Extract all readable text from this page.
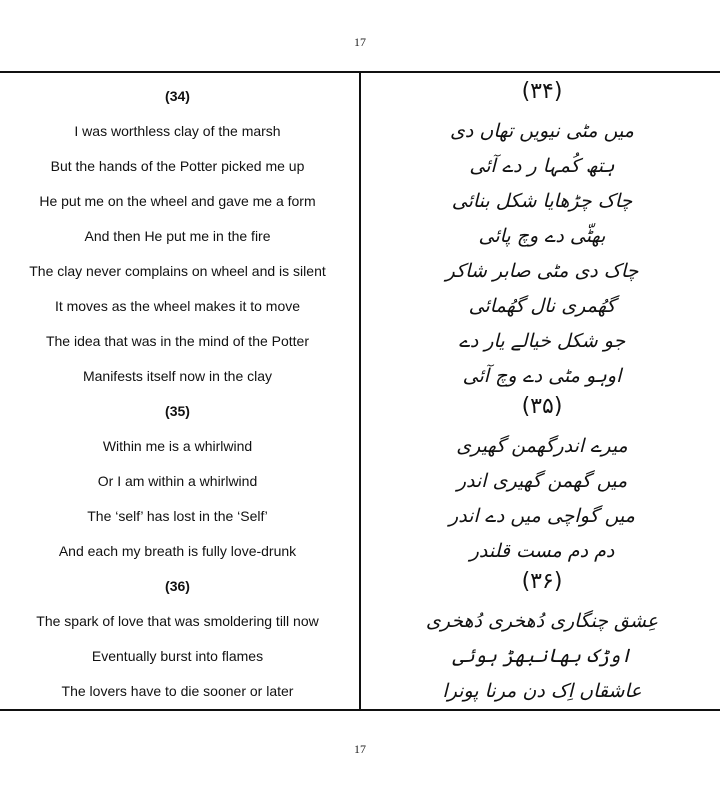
17
(34)	(۳۴)
I was worthless clay of the marsh	میں مٹی نیویں تھاں دی
But the hands of the Potter picked me up	ہتھ کُمہا ر دے آئی
He put me on the wheel and gave me a form	چاک چڑھایا شکل بنائی
And then He put me in the fire	بھٹّی دے وچ پائی
The clay never complains on wheel and is silent	چاک دی مٹی صابر شاکر
It moves as the wheel makes it to move	گھُمری نال گھُمائی
The idea that was in the mind of the Potter	جو شکل خیالے یار دے
Manifests itself now in the clay	اوہو مٹی دے وچ آئی
(35)	(۳۵)
Within me is a whirlwind	میرے اندرگھمن گھیری
Or I am within a whirlwind	میں گھمن گھیری اندر
The ‘self’ has lost in the ‘Self’	میں گواچی میں دے اندر
And each my breath is fully love-drunk	دم دم مست قلندر
(36)	(۳۶)
The spark of love that was smoldering till now	عِشق چنگاری دُھخری دُھخری
Eventually burst into flames	اوڑک بھانبھڑ ہوئی
The lovers have to die sooner or later	عاشقاں اِک دن مرنا پونرا
17
